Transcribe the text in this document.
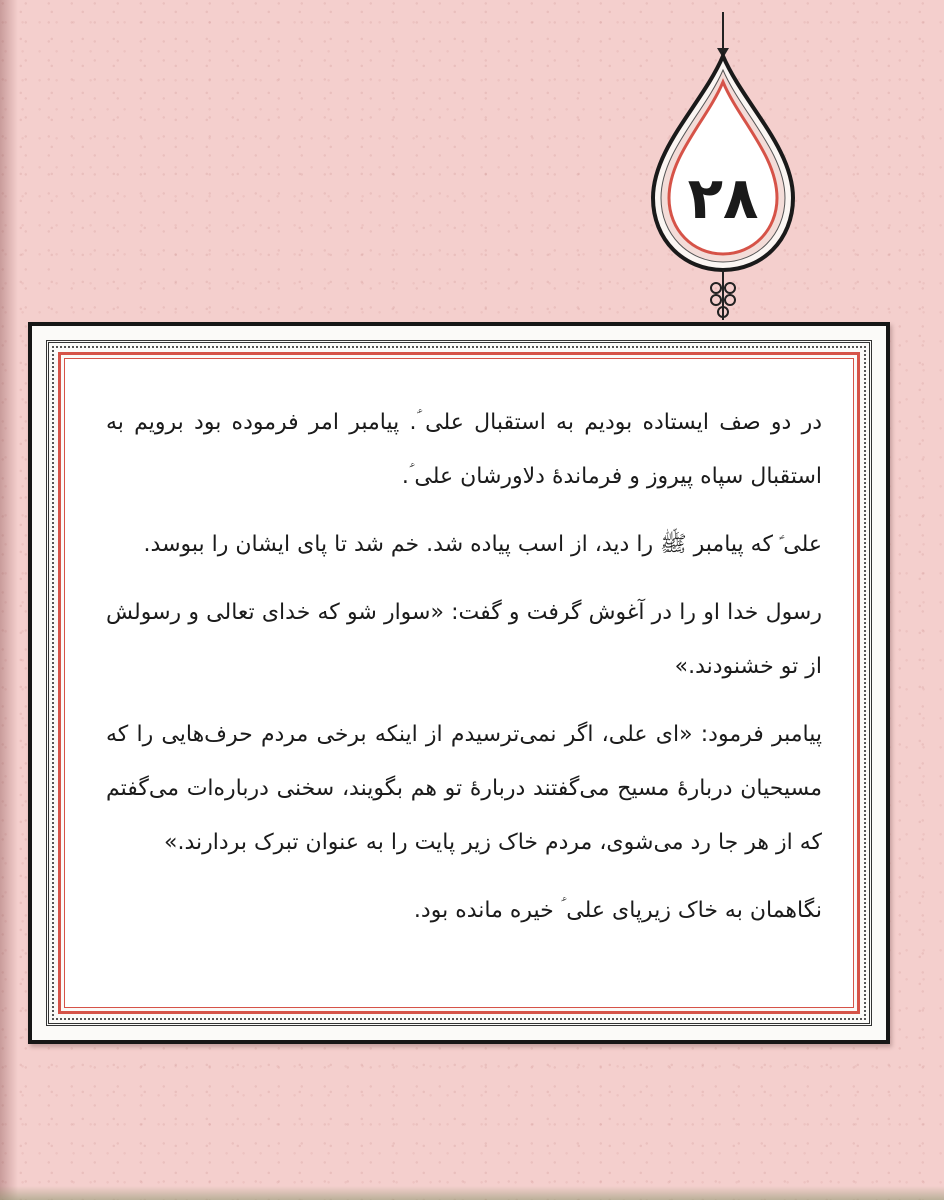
۲۸

در دو صف ایستاده بودیم به استقبال علی ؑ. پیامبر امر فرموده بود برویم به استقبال سپاه پیروز و فرماندهٔ دلاورشان علی ؑ.

علی ؑ که پیامبر ﷺ را دید، از اسب پیاده شد. خم شد تا پای ایشان را ببوسد.

رسول خدا او را در آغوش گرفت و گفت: «سوار شو که خدای تعالی و رسولش از تو خشنودند.»

پیامبر فرمود: «ای علی، اگر نمی‌ترسیدم از اینکه برخی مردم حرف‌هایی را که مسیحیان دربارهٔ مسیح می‌گفتند دربارهٔ تو هم بگویند، سخنی درباره‌ات می‌گفتم که از هر جا رد می‌شوی، مردم خاک زیر پایت را به عنوان تبرک بردارند.»

نگاهمان به خاک زیرپای علی ؑ خیره مانده بود.
